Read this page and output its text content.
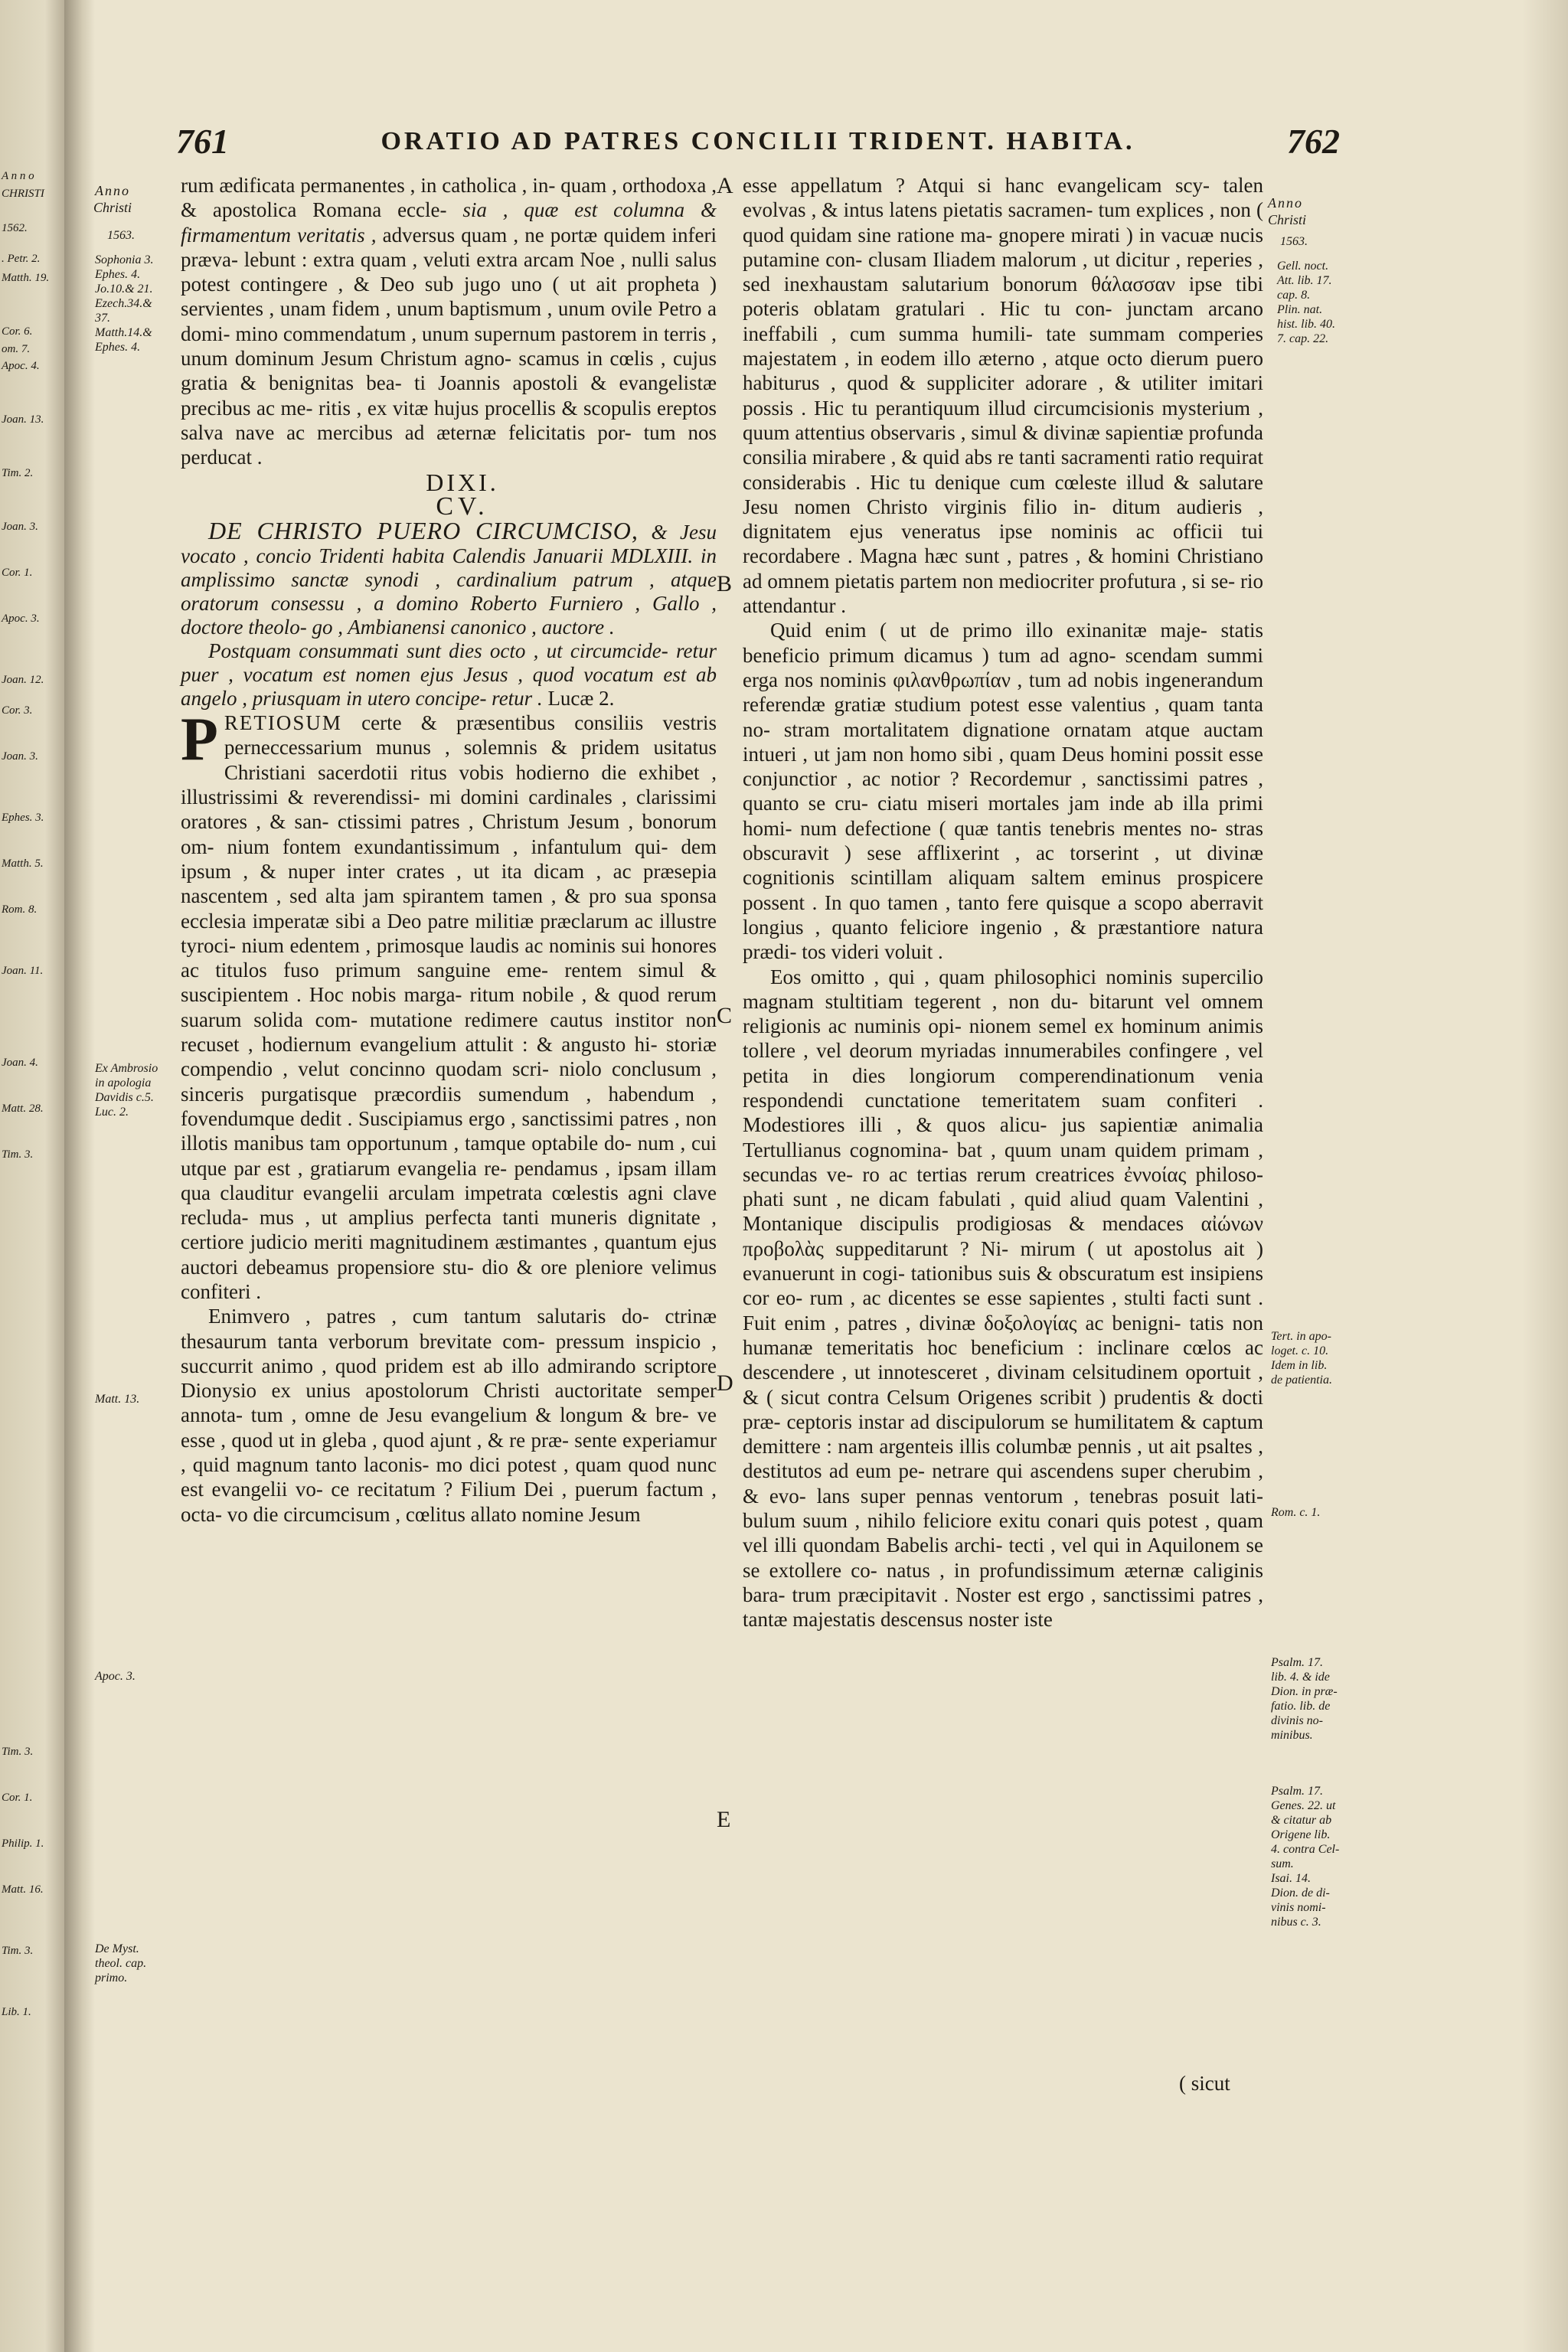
A n n o
CHRISTI
1562.
. Petr. 2.
Matth. 19.
Cor. 6.
om. 7.
Apoc. 4.
Joan. 13.
Tim. 2.
Joan. 3.
Cor. 1.
Apoc. 3.
Joan. 12.
Cor. 3.
Joan. 3.
Ephes. 3.
Matth. 5.
Rom. 8.
Joan. 11.
Joan. 4.
Matt. 28.
Tim. 3.
Tim. 3.
Cor. 1.
Philip. 1.
Matt. 16.
Tim. 3.
Lib. 1.
761	ORATIO AD PATRES CONCILII TRIDENT. HABITA.	762
Anno
Christi
1563.
Sophonia 3.
Ephes. 4.
Jo.10.& 21.
Ezech.34.&
37.
Matth.14.&
Ephes. 4.
Ex Ambrosio
in apologia
Davidis c.5.
Luc. 2.
Matt. 13.
Apoc. 3.
De Myst.
theol. cap.
primo.
Anno
Christi
1563.
Gell. noct.
Att. lib. 17.
cap. 8.
Plin. nat.
hist. lib. 40.
7. cap. 22.
Tert. in apo-
loget. c. 10.
Idem in lib.
de patientia.
Rom. c. 1.
Psalm. 17.
lib. 4. & ide
Dion. in præ-
fatio. lib. de
divinis no-
minibus.
Psalm. 17.
Genes. 22. ut
& citatur ab
Origene lib.
4. contra Cel-
sum.
Isai. 14.
Dion. de di-
vinis nomi-
nibus c. 3.
A
B
C
D
E

rum ædificata permanentes , in catholica , in- quam , orthodoxa , & apostolica Romana eccle- sia , quæ est columna & firmamentum veritatis , adversus quam , ne portæ quidem inferi præva- lebunt : extra quam , veluti extra arcam Noe , nulli salus potest contingere , & Deo sub jugo uno ( ut ait propheta ) servientes , unam fidem , unum baptismum , unum ovile Petro a domi- mino commendatum , unum supernum pastorem in terris , unum dominum Jesum Christum agno- scamus in cœlis , cujus gratia & benignitas bea- ti Joannis apostoli & evangelistæ precibus ac me- ritis , ex vitæ hujus procellis & scopulis ereptos salva nave ac mercibus ad æternæ felicitatis por- tum nos perducat .

DIXI.

CV.

DE CHRISTO PUERO CIRCUMCISO, & Jesu vocato , concio Tridenti habita Calendis Januarii MDLXIII. in amplissimo sanctæ synodi , cardinalium patrum , atque oratorum consessu , a domino Roberto Furniero , Gallo , doctore theolo- go , Ambianensi canonico , auctore .

Postquam consummati sunt dies octo , ut circumcide- retur puer , vocatum est nomen ejus Jesus , quod vocatum est ab angelo , priusquam in utero concipe- retur . Lucæ 2.

PRETIOSUM certe & præsentibus consiliis vestris perneccessarium munus , solemnis & pridem usitatus Christiani sacerdotii ritus vobis hodierno die exhibet , illustrissimi & reverendissi- mi domini cardinales , clarissimi oratores , & san- ctissimi patres , Christum Jesum , bonorum om- nium fontem exundantissimum , infantulum qui- dem ipsum , & nuper inter crates , ut ita dicam , ac præsepia nascentem , sed alta jam spirantem tamen , & pro sua sponsa ecclesia imperatæ sibi a Deo patre militiæ præclarum ac illustre tyroci- nium edentem , primosque laudis ac nominis sui honores ac titulos fuso primum sanguine eme- rentem simul & suscipientem . Hoc nobis marga- ritum nobile , & quod rerum suarum solida com- mutatione redimere cautus institor non recuset , hodiernum evangelium attulit : & angusto hi- storiæ compendio , velut concinno quodam scri- niolo conclusum , sinceris purgatisque præcordiis sumendum , habendum , fovendumque dedit . Suscipiamus ergo , sanctissimi patres , non illotis manibus tam opportunum , tamque optabile do- num , cui utque par est , gratiarum evangelia re- pendamus , ipsam illam qua clauditur evangelii arculam impetrata cœlestis agni clave recluda- mus , ut amplius perfecta tanti muneris dignitate , certiore judicio meriti magnitudinem æstimantes , quantum ejus auctori debeamus propensiore stu- dio & ore pleniore velimus confiteri .

Enimvero , patres , cum tantum salutaris do- ctrinæ thesaurum tanta verborum brevitate com- pressum inspicio , succurrit animo , quod pridem est ab illo admirando scriptore Dionysio ex unius apostolorum Christi auctoritate semper annota- tum , omne de Jesu evangelium & longum & bre- ve esse , quod ut in gleba , quod ajunt , & re præ- sente experiamur , quid magnum tanto laconis- mo dici potest , quam quod nunc est evangelii vo- ce recitatum ? Filium Dei , puerum factum , octa- vo die circumcisum , cœlitus allato nomine Jesum

esse appellatum ? Atqui si hanc evangelicam scy- talen evolvas , & intus latens pietatis sacramen- tum explices , non ( quod quidam sine ratione ma- gnopere mirati ) in vacuæ nucis putamine con- clusam Iliadem malorum , ut dicitur , reperies , sed inexhaustam salutarium bonorum θάλασσαν ipse tibi poteris oblatam gratulari . Hic tu con- junctam arcano ineffabili , cum summa humili- tate summam comperies majestatem , in eodem illo æterno , atque octo dierum puero habiturus , quod & suppliciter adorare , & utiliter imitari possis . Hic tu perantiquum illud circumcisionis mysterium , quum attentius observaris , simul & divinæ sapientiæ profunda consilia mirabere , & quid abs re tanti sacramenti ratio requirat considerabis . Hic tu denique cum cœleste illud & salutare Jesu nomen Christo virginis filio in- ditum audieris , dignitatem ejus veneratus ipse nominis ac officii tui recordabere . Magna hæc sunt , patres , & homini Christiano ad omnem pietatis partem non mediocriter profutura , si se- rio attendantur .

Quid enim ( ut de primo illo exinanitæ maje- statis beneficio primum dicamus ) tum ad agno- scendam summi erga nos nominis φιλανθρωπίαν , tum ad nobis ingenerandum referendæ gratiæ studium potest esse valentius , quam tanta no- stram mortalitatem dignatione ornatam atque auctam intueri , ut jam non homo sibi , quam Deus homini possit esse conjunctior , ac notior ? Recordemur , sanctissimi patres , quanto se cru- ciatu miseri mortales jam inde ab illa primi homi- num defectione ( quæ tantis tenebris mentes no- stras obscuravit ) sese afflixerint , ac torserint , ut divinæ cognitionis scintillam aliquam saltem eminus prospicere possent . In quo tamen , tanto fere quisque a scopo aberravit longius , quanto feliciore ingenio , & præstantiore natura prædi- tos videri voluit .

Eos omitto , qui , quam philosophici nominis supercilio magnam stultitiam tegerent , non du- bitarunt vel omnem religionis ac numinis opi- nionem semel ex hominum animis tollere , vel deorum myriadas innumerabiles confingere , vel petita in dies longiorum comperendinationum venia respondendi cunctatione temeritatem suam confiteri . Modestiores illi , & quos alicu- jus sapientiæ animalia Tertullianus cognomina- bat , quum unam quidem primam , secundas ve- ro ac tertias rerum creatrices ἐννοίας philoso- phati sunt , ne dicam fabulati , quid aliud quam Valentini , Montanique discipulis prodigiosas & mendaces αἰώνων προβολὰς suppeditarunt ? Ni- mirum ( ut apostolus ait ) evanuerunt in cogi- tationibus suis & obscuratum est insipiens cor eo- rum , ac dicentes se esse sapientes , stulti facti sunt . Fuit enim , patres , divinæ δοξολογίας ac benigni- tatis non humanæ temeritatis hoc beneficium : inclinare cœlos ac descendere , ut innotesceret , divinam celsitudinem oportuit , & ( sicut contra Celsum Origenes scribit ) prudentis & docti præ- ceptoris instar ad discipulorum se humilitatem & captum demittere : nam argenteis illis columbæ pennis , ut ait psaltes , destitutos ad eum pe- netrare qui ascendens super cherubim , & evo- lans super pennas ventorum , tenebras posuit lati- bulum suum , nihilo feliciore exitu conari quis potest , quam vel illi quondam Babelis archi- tecti , vel qui in Aquilonem se se extollere co- natus , in profundissimum æternæ caliginis bara- trum præcipitavit . Noster est ergo , sanctissimi patres , tantæ majestatis descensus noster iste

( sicut
